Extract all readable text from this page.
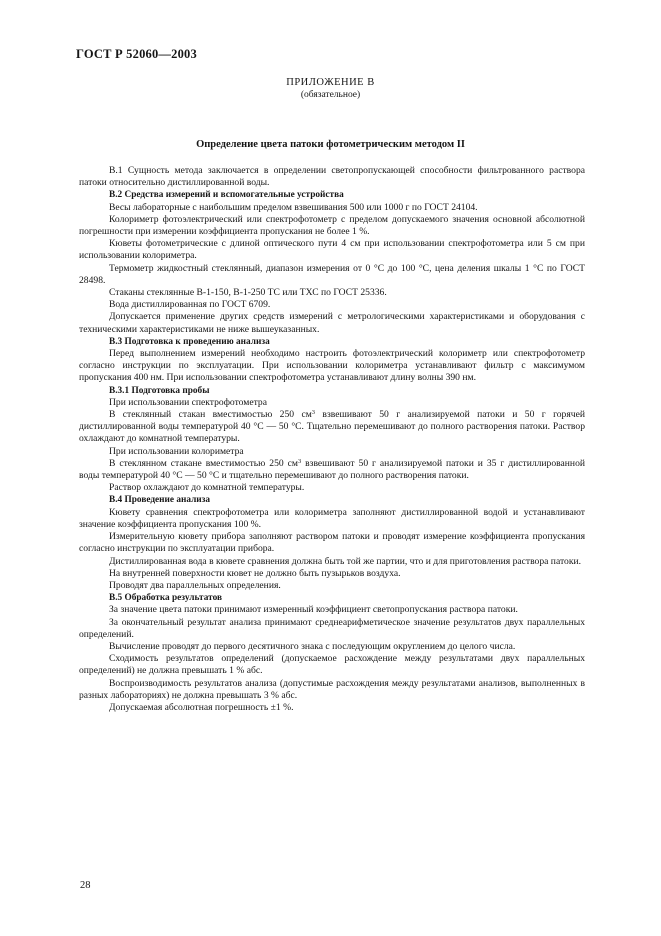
ГОСТ Р 52060—2003
ПРИЛОЖЕНИЕ В
(обязательное)
Определение цвета патоки фотометрическим методом II

В.1 Сущность метода заключается в определении светопропускающей способности фильтрованного раствора патоки относительно дистиллированной воды.

В.2 Средства измерений и вспомогательные устройства

Весы лабораторные с наибольшим пределом взвешивания 500 или 1000 г по ГОСТ 24104.

Колориметр фотоэлектрический или спектрофотометр с пределом допускаемого значения основной абсолютной погрешности при измерении коэффициента пропускания не более 1 %.

Кюветы фотометрические с длиной оптического пути 4 см при использовании спектрофотометра или 5 см при использовании колориметра.

Термометр жидкостный стеклянный, диапазон измерения от 0 °С до 100 °С, цена деления шкалы 1 °С по ГОСТ 28498.

Стаканы стеклянные В-1-150, В-1-250 ТС или ТХС по ГОСТ 25336.

Вода дистиллированная по ГОСТ 6709.

Допускается применение других средств измерений с метрологическими характеристиками и оборудования с техническими характеристиками не ниже вышеуказанных.

В.3 Подготовка к проведению анализа

Перед выполнением измерений необходимо настроить фотоэлектрический колориметр или спектрофотометр согласно инструкции по эксплуатации. При использовании колориметра устанавливают фильтр с максимумом пропускания 400 нм. При использовании спектрофотометра устанавливают длину волны 390 нм.

В.3.1 Подготовка пробы

При использовании спектрофотометра

В стеклянный стакан вместимостью 250 $см^3$ взвешивают 50 г анализируемой патоки и 50 г горячей дистиллированной воды температурой 40 °С — 50 °С. Тщательно перемешивают до полного растворения патоки. Раствор охлаждают до комнатной температуры.

При использовании колориметра

В стеклянном стакане вместимостью 250 $см^3$ взвешивают 50 г анализируемой патоки и 35 г дистиллированной воды температурой 40 °С — 50 °С и тщательно перемешивают до полного растворения патоки.

Раствор охлаждают до комнатной температуры.

В.4 Проведение анализа

Кювету сравнения спектрофотометра или колориметра заполняют дистиллированной водой и устанавливают значение коэффициента пропускания 100 %.

Измерительную кювету прибора заполняют раствором патоки и проводят измерение коэффициента пропускания согласно инструкции по эксплуатации прибора.

Дистиллированная вода в кювете сравнения должна быть той же партии, что и для приготовления раствора патоки.

На внутренней поверхности кювет не должно быть пузырьков воздуха.

Проводят два параллельных определения.

В.5 Обработка результатов

За значение цвета патоки принимают измеренный коэффициент светопропускания раствора патоки.

За окончательный результат анализа принимают среднеарифметическое значение результатов двух параллельных определений.

Вычисление проводят до первого десятичного знака с последующим округлением до целого числа.

Сходимость результатов определений (допускаемое расхождение между результатами двух параллельных определений) не должна превышать 1 % абс.

Воспроизводимость результатов анализа (допустимые расхождения между результатами анализов, выполненных в разных лабораториях) не должна превышать 3 % абс.

Допускаемая абсолютная погрешность ±1 %.

28
